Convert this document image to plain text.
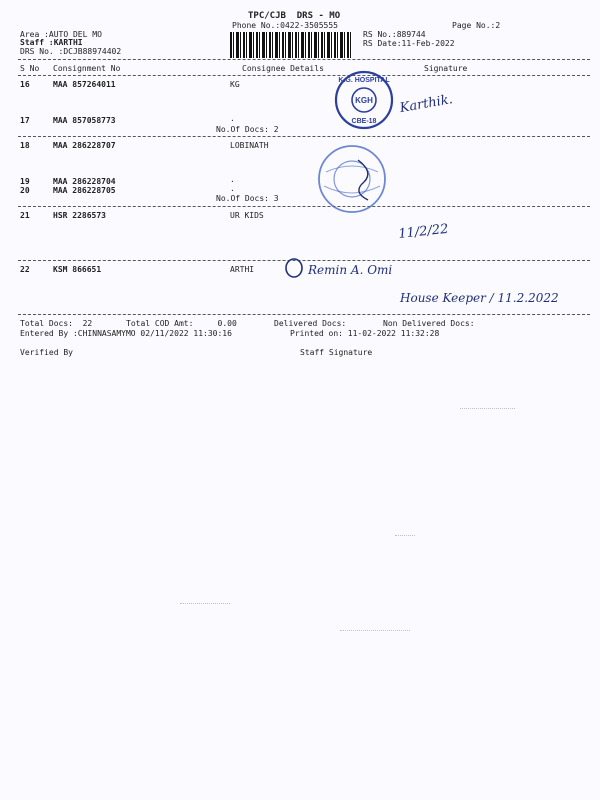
TPC/CJB  DRS - MO
Phone No.:0422-3505555	Page No.:2
Area :AUTO DEL MO
Staff :KARTHI
DRS No. :DCJB88974402
RS No.:889744
RS Date:11-Feb-2022
S No Consignment No	Consignee Details	Signature
16	MAA 857264011	KG
17	MAA 857058773	.
No.Of Docs: 2
18	MAA 286228707	LOBINATH
19	MAA 286228704	.
20	MAA 286228705	.
No.Of Docs: 3
21	HSR 2286573	UR KIDS
22	KSM 866651	ARTHI
Total Docs:  22	Total COD Amt:     0.00	Delivered Docs:	Non Delivered Docs:
Entered By :CHINNASAMYMO 02/11/2022 11:30:16	Printed on: 11-02-2022 11:32:28
Verified By	Staff Signature
KGH
K.G. HOSPITAL
CBE-18
Karthik.
11/2/22
Remin A. Omi
House Keeper / 11.2.2022
